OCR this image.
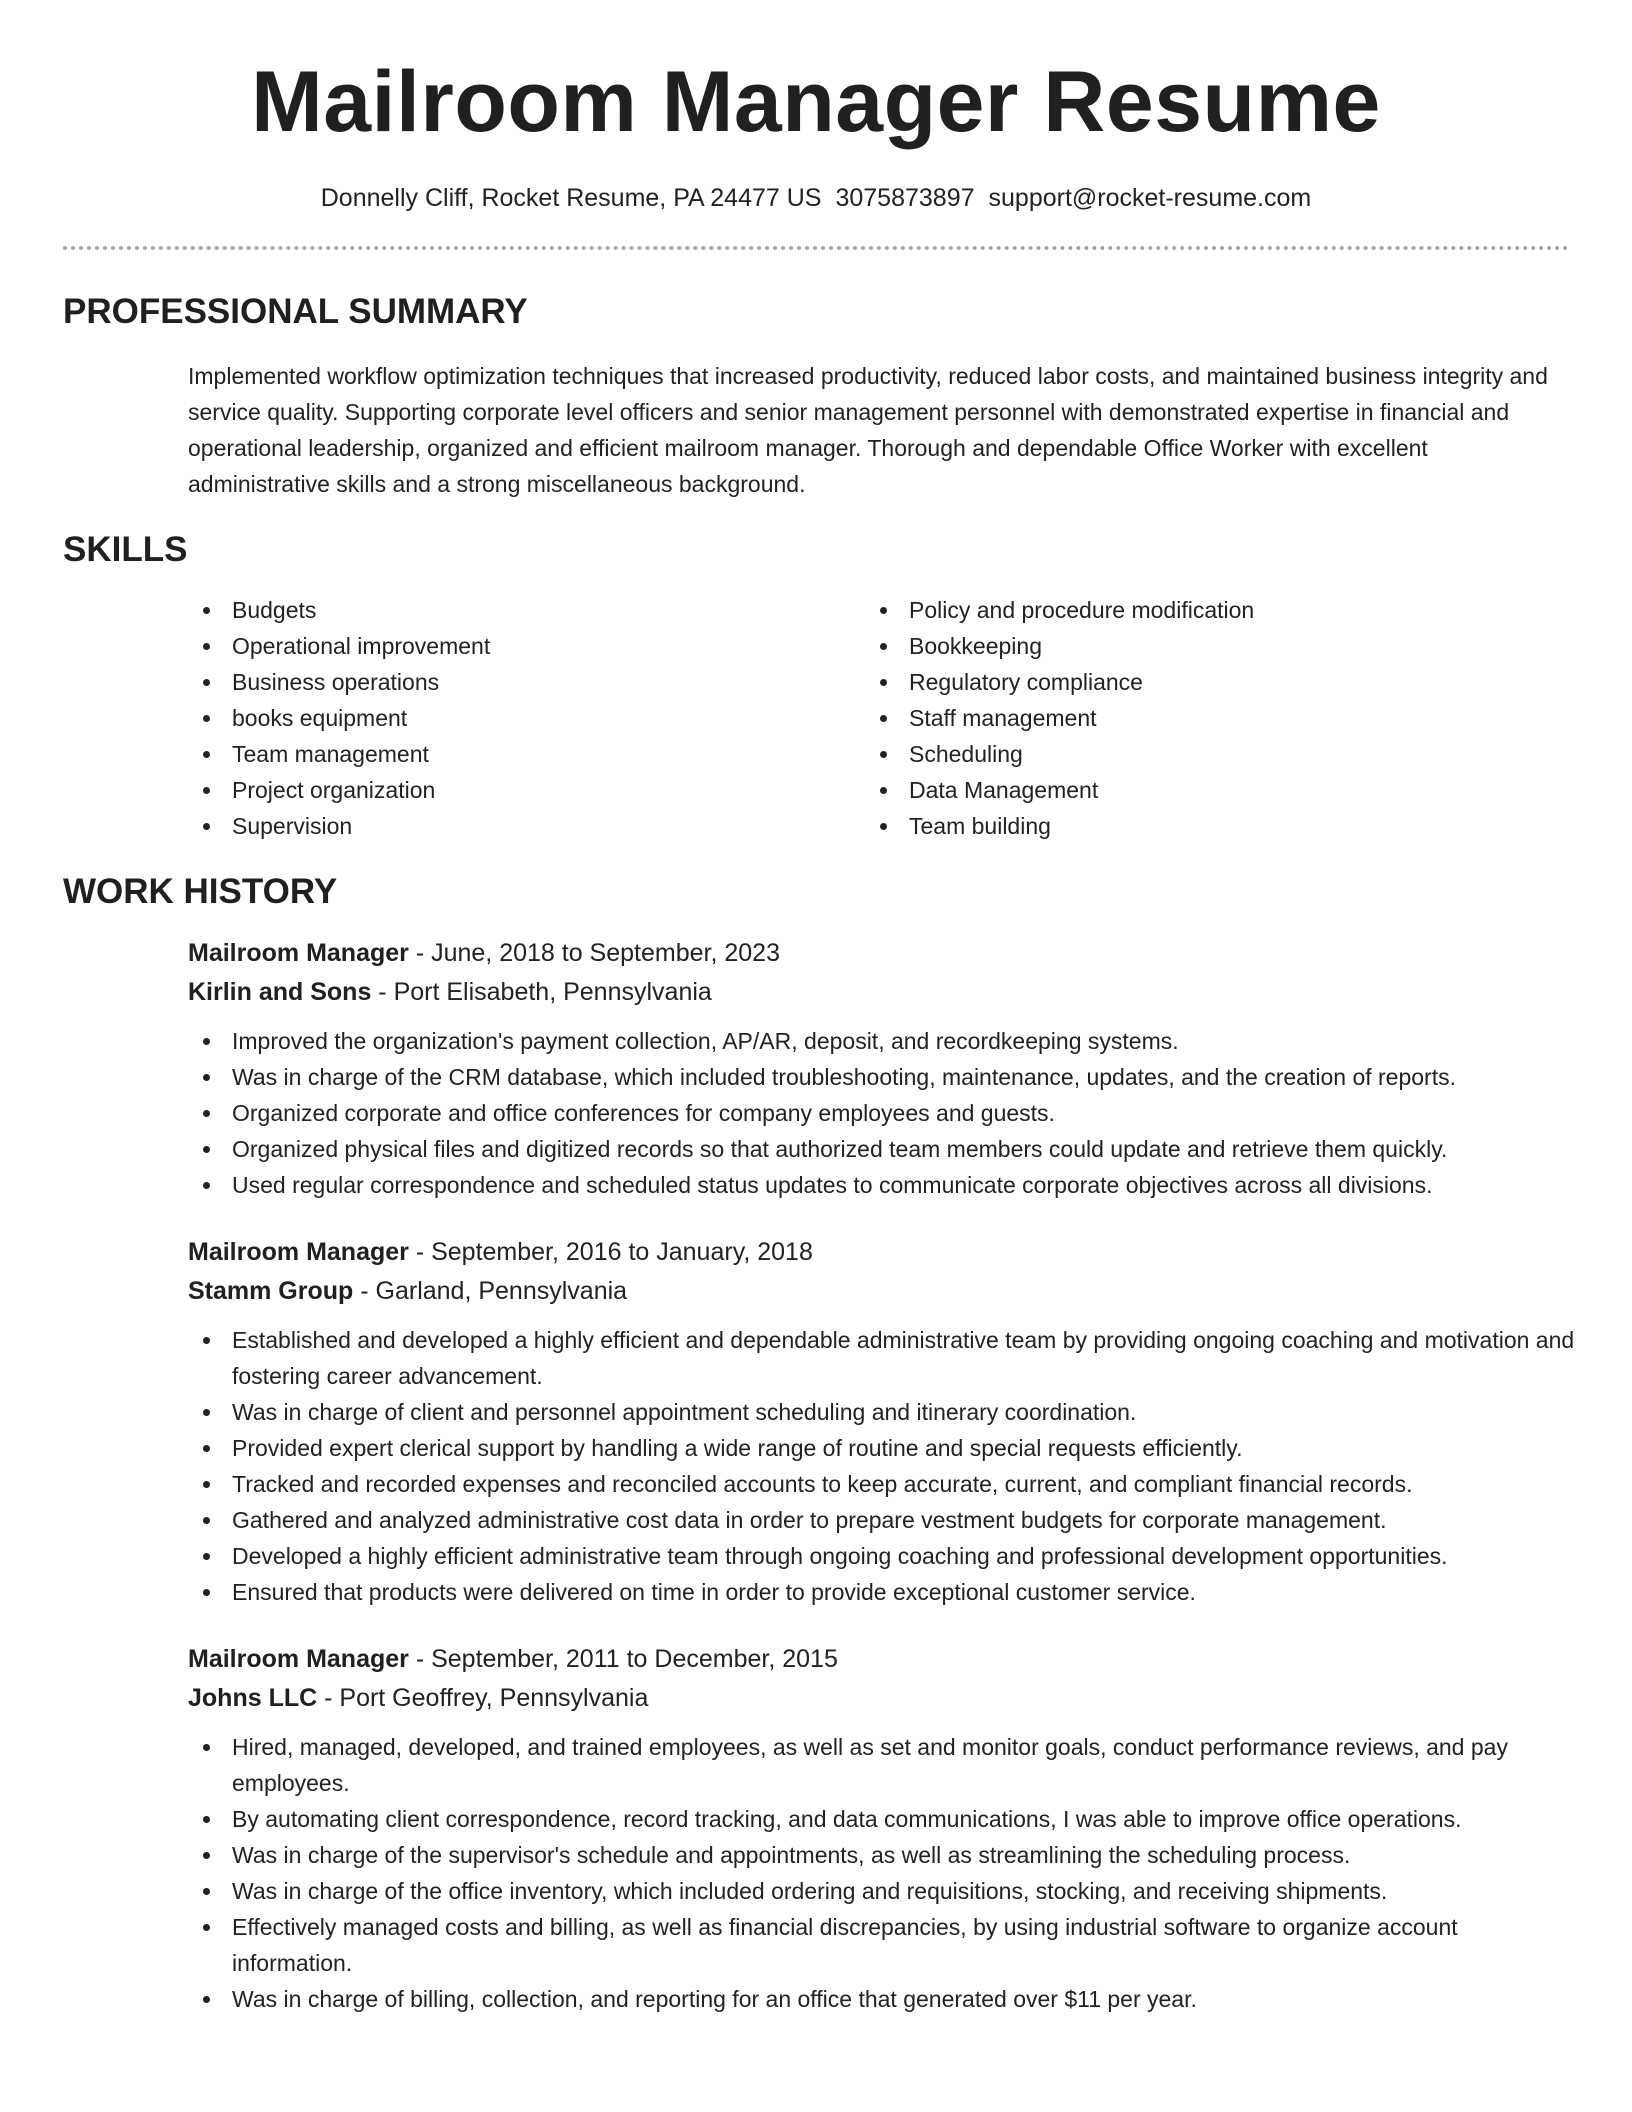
Mailroom Manager Resume
Donnelly Cliff, Rocket Resume, PA 24477 US 3075873897 support@rocket-resume.com
PROFESSIONAL SUMMARY

Implemented workflow optimization techniques that increased productivity, reduced labor costs, and maintained business integrity and service quality. Supporting corporate level officers and senior management personnel with demonstrated expertise in financial and operational leadership, organized and efficient mailroom manager. Thorough and dependable Office Worker with excellent administrative skills and a strong miscellaneous background.

SKILLS
Budgets
Operational improvement
Business operations
books equipment
Team management
Project organization
Supervision
Policy and procedure modification
Bookkeeping
Regulatory compliance
Staff management
Scheduling
Data Management
Team building
WORK HISTORY
Mailroom Manager - June, 2018 to September, 2023
Kirlin and Sons - Port Elisabeth, Pennsylvania
Improved the organization's payment collection, AP/AR, deposit, and recordkeeping systems.
Was in charge of the CRM database, which included troubleshooting, maintenance, updates, and the creation of reports.
Organized corporate and office conferences for company employees and guests.
Organized physical files and digitized records so that authorized team members could update and retrieve them quickly.
Used regular correspondence and scheduled status updates to communicate corporate objectives across all divisions.
Mailroom Manager - September, 2016 to January, 2018
Stamm Group - Garland, Pennsylvania
Established and developed a highly efficient and dependable administrative team by providing ongoing coaching and motivation and fostering career advancement.
Was in charge of client and personnel appointment scheduling and itinerary coordination.
Provided expert clerical support by handling a wide range of routine and special requests efficiently.
Tracked and recorded expenses and reconciled accounts to keep accurate, current, and compliant financial records.
Gathered and analyzed administrative cost data in order to prepare vestment budgets for corporate management.
Developed a highly efficient administrative team through ongoing coaching and professional development opportunities.
Ensured that products were delivered on time in order to provide exceptional customer service.
Mailroom Manager - September, 2011 to December, 2015
Johns LLC - Port Geoffrey, Pennsylvania
Hired, managed, developed, and trained employees, as well as set and monitor goals, conduct performance reviews, and pay employees.
By automating client correspondence, record tracking, and data communications, I was able to improve office operations.
Was in charge of the supervisor's schedule and appointments, as well as streamlining the scheduling process.
Was in charge of the office inventory, which included ordering and requisitions, stocking, and receiving shipments.
Effectively managed costs and billing, as well as financial discrepancies, by using industrial software to organize account information.
Was in charge of billing, collection, and reporting for an office that generated over $11 per year.
